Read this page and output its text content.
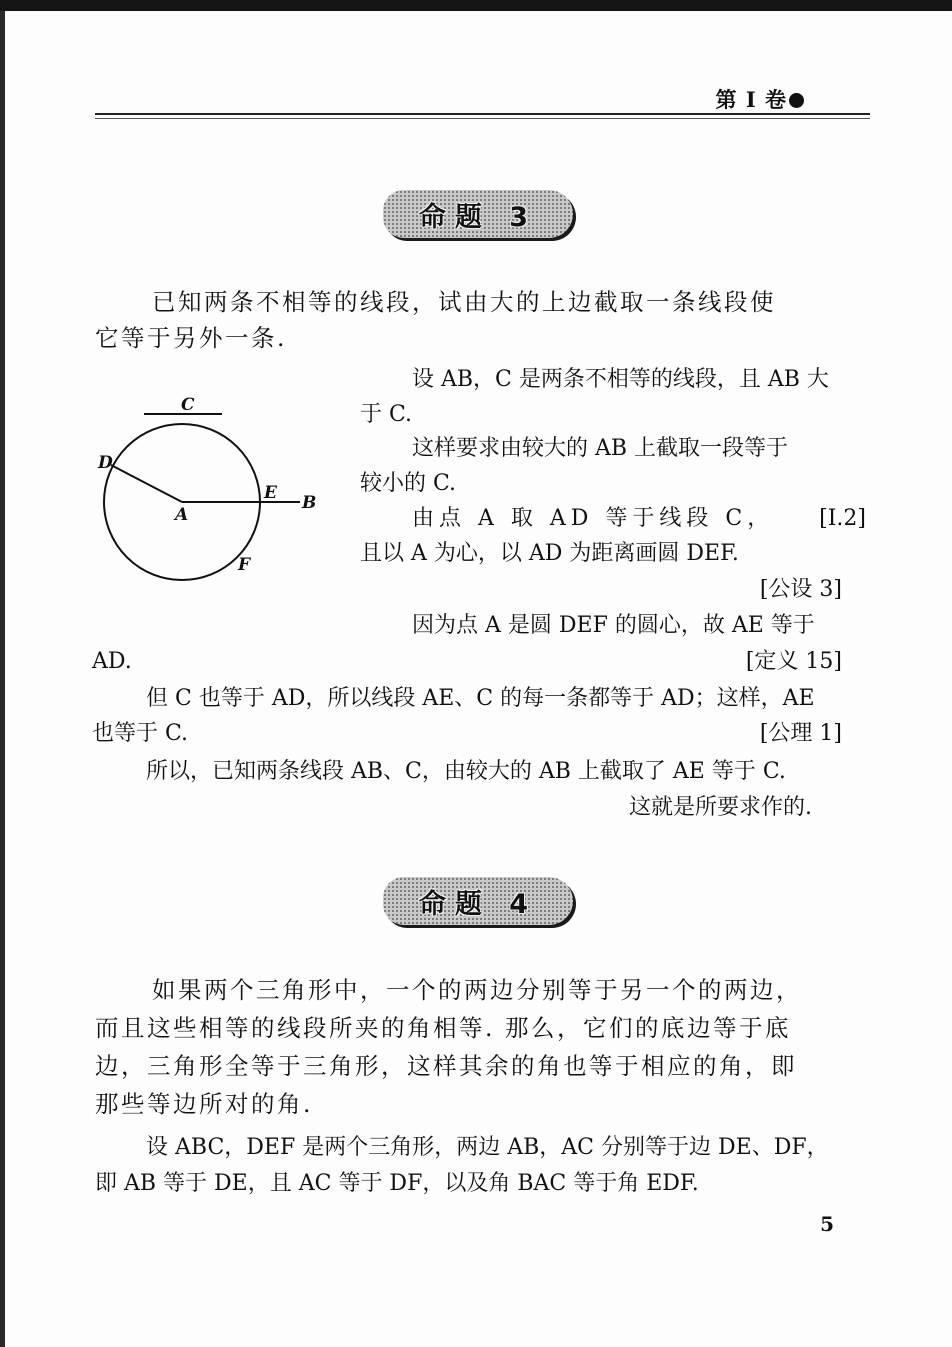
第 I 卷
命题 3
已知两条不相等的线段，试由大的上边截取一条线段使
它等于另外一条.
C
D
A
E B
F
设 AB，C 是两条不相等的线段，且 AB 大
于 C.
这样要求由较大的 AB 上截取一段等于
较小的 C.
由点 A 取 AD 等于线段 C， [I.2]
且以 A 为心，以 AD 为距离画圆 DEF.
[公设 3]
因为点 A 是圆 DEF 的圆心，故 AE 等于
AD.	[定义 15]
但 C 也等于 AD，所以线段 AE、C 的每一条都等于 AD；这样，AE
也等于 C.	[公理 1]
所以，已知两条线段 AB、C，由较大的 AB 上截取了 AE 等于 C.
这就是所要求作的.
命题 4
如果两个三角形中，一个的两边分别等于另一个的两边，
而且这些相等的线段所夹的角相等. 那么，它们的底边等于底
边，三角形全等于三角形，这样其余的角也等于相应的角，即
那些等边所对的角.
设 ABC，DEF 是两个三角形，两边 AB，AC 分别等于边 DE、DF，
即 AB 等于 DE，且 AC 等于 DF，以及角 BAC 等于角 EDF.
5
